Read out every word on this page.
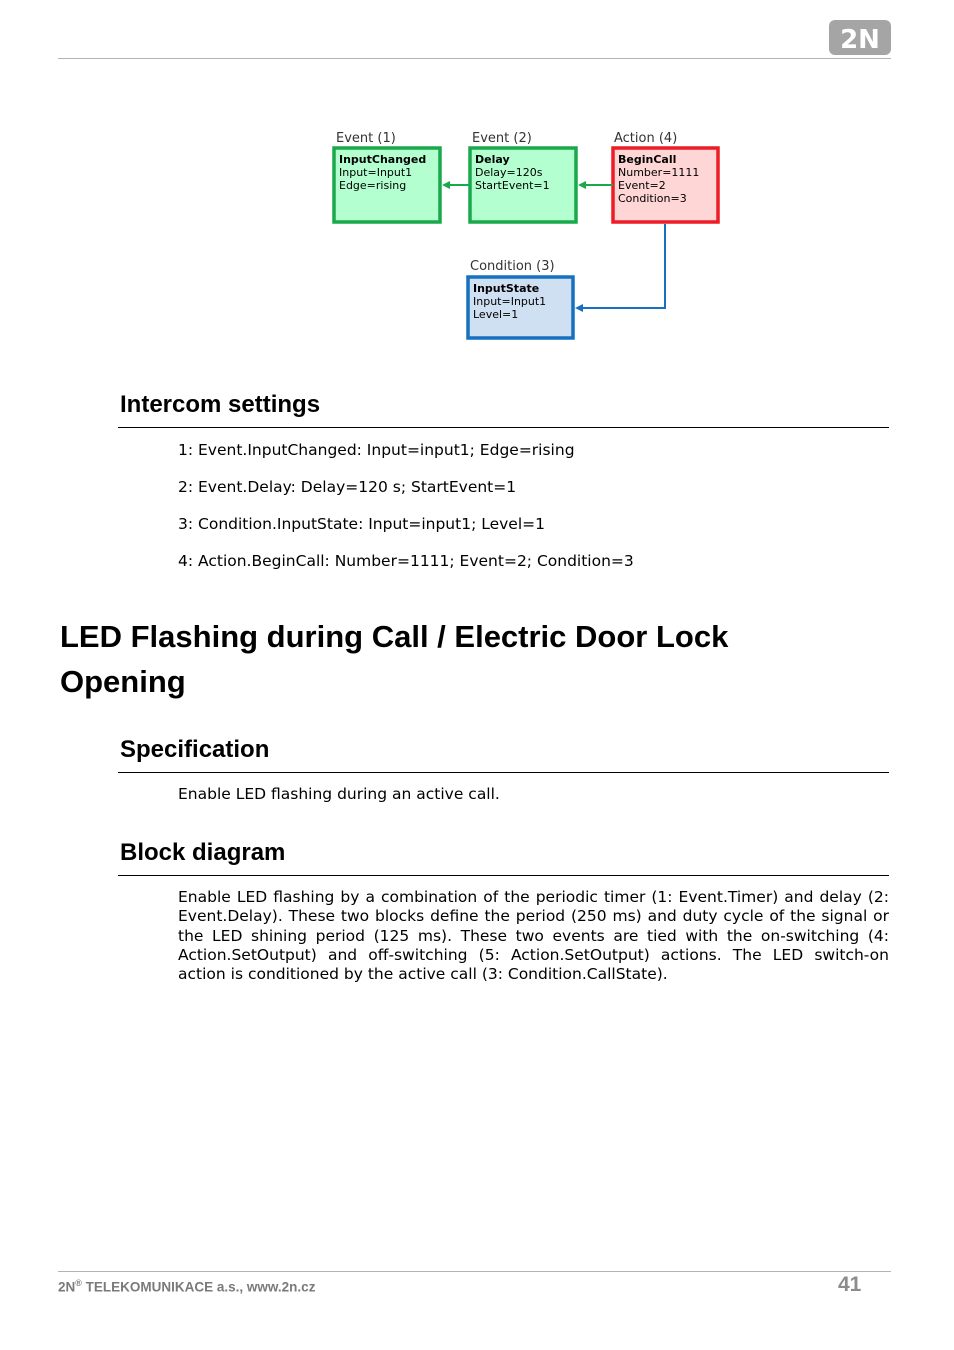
2N
Event (1)
InputChanged
Input=Input1
Edge=rising
Event (2)
Delay
Delay=120s
StartEvent=1
Action (4)
BeginCall
Number=1111
Event=2
Condition=3
Condition (3)
InputState
Input=Input1
Level=1
Intercom settings
1: Event.InputChanged: Input=input1; Edge=rising
2: Event.Delay: Delay=120 s; StartEvent=1
3: Condition.InputState: Input=input1; Level=1
4: Action.BeginCall: Number=1111; Event=2; Condition=3
LED Flashing during Call / Electric Door Lock
Opening
Specification
Enable LED flashing during an active call.
Block diagram

Enable LED flashing by a combination of the periodic timer (1: Event.Timer) and delay (2: Event.Delay). These two blocks define the period (250 ms) and duty cycle of the signal or the LED shining period (125 ms). These two events are tied with the on-switching (4: Action.SetOutput) and off-switching (5: Action.SetOutput) actions. The LED switch-on action is conditioned by the active call (3: Condition.CallState).

2N® TELEKOMUNIKACE a.s., www.2n.cz	41
